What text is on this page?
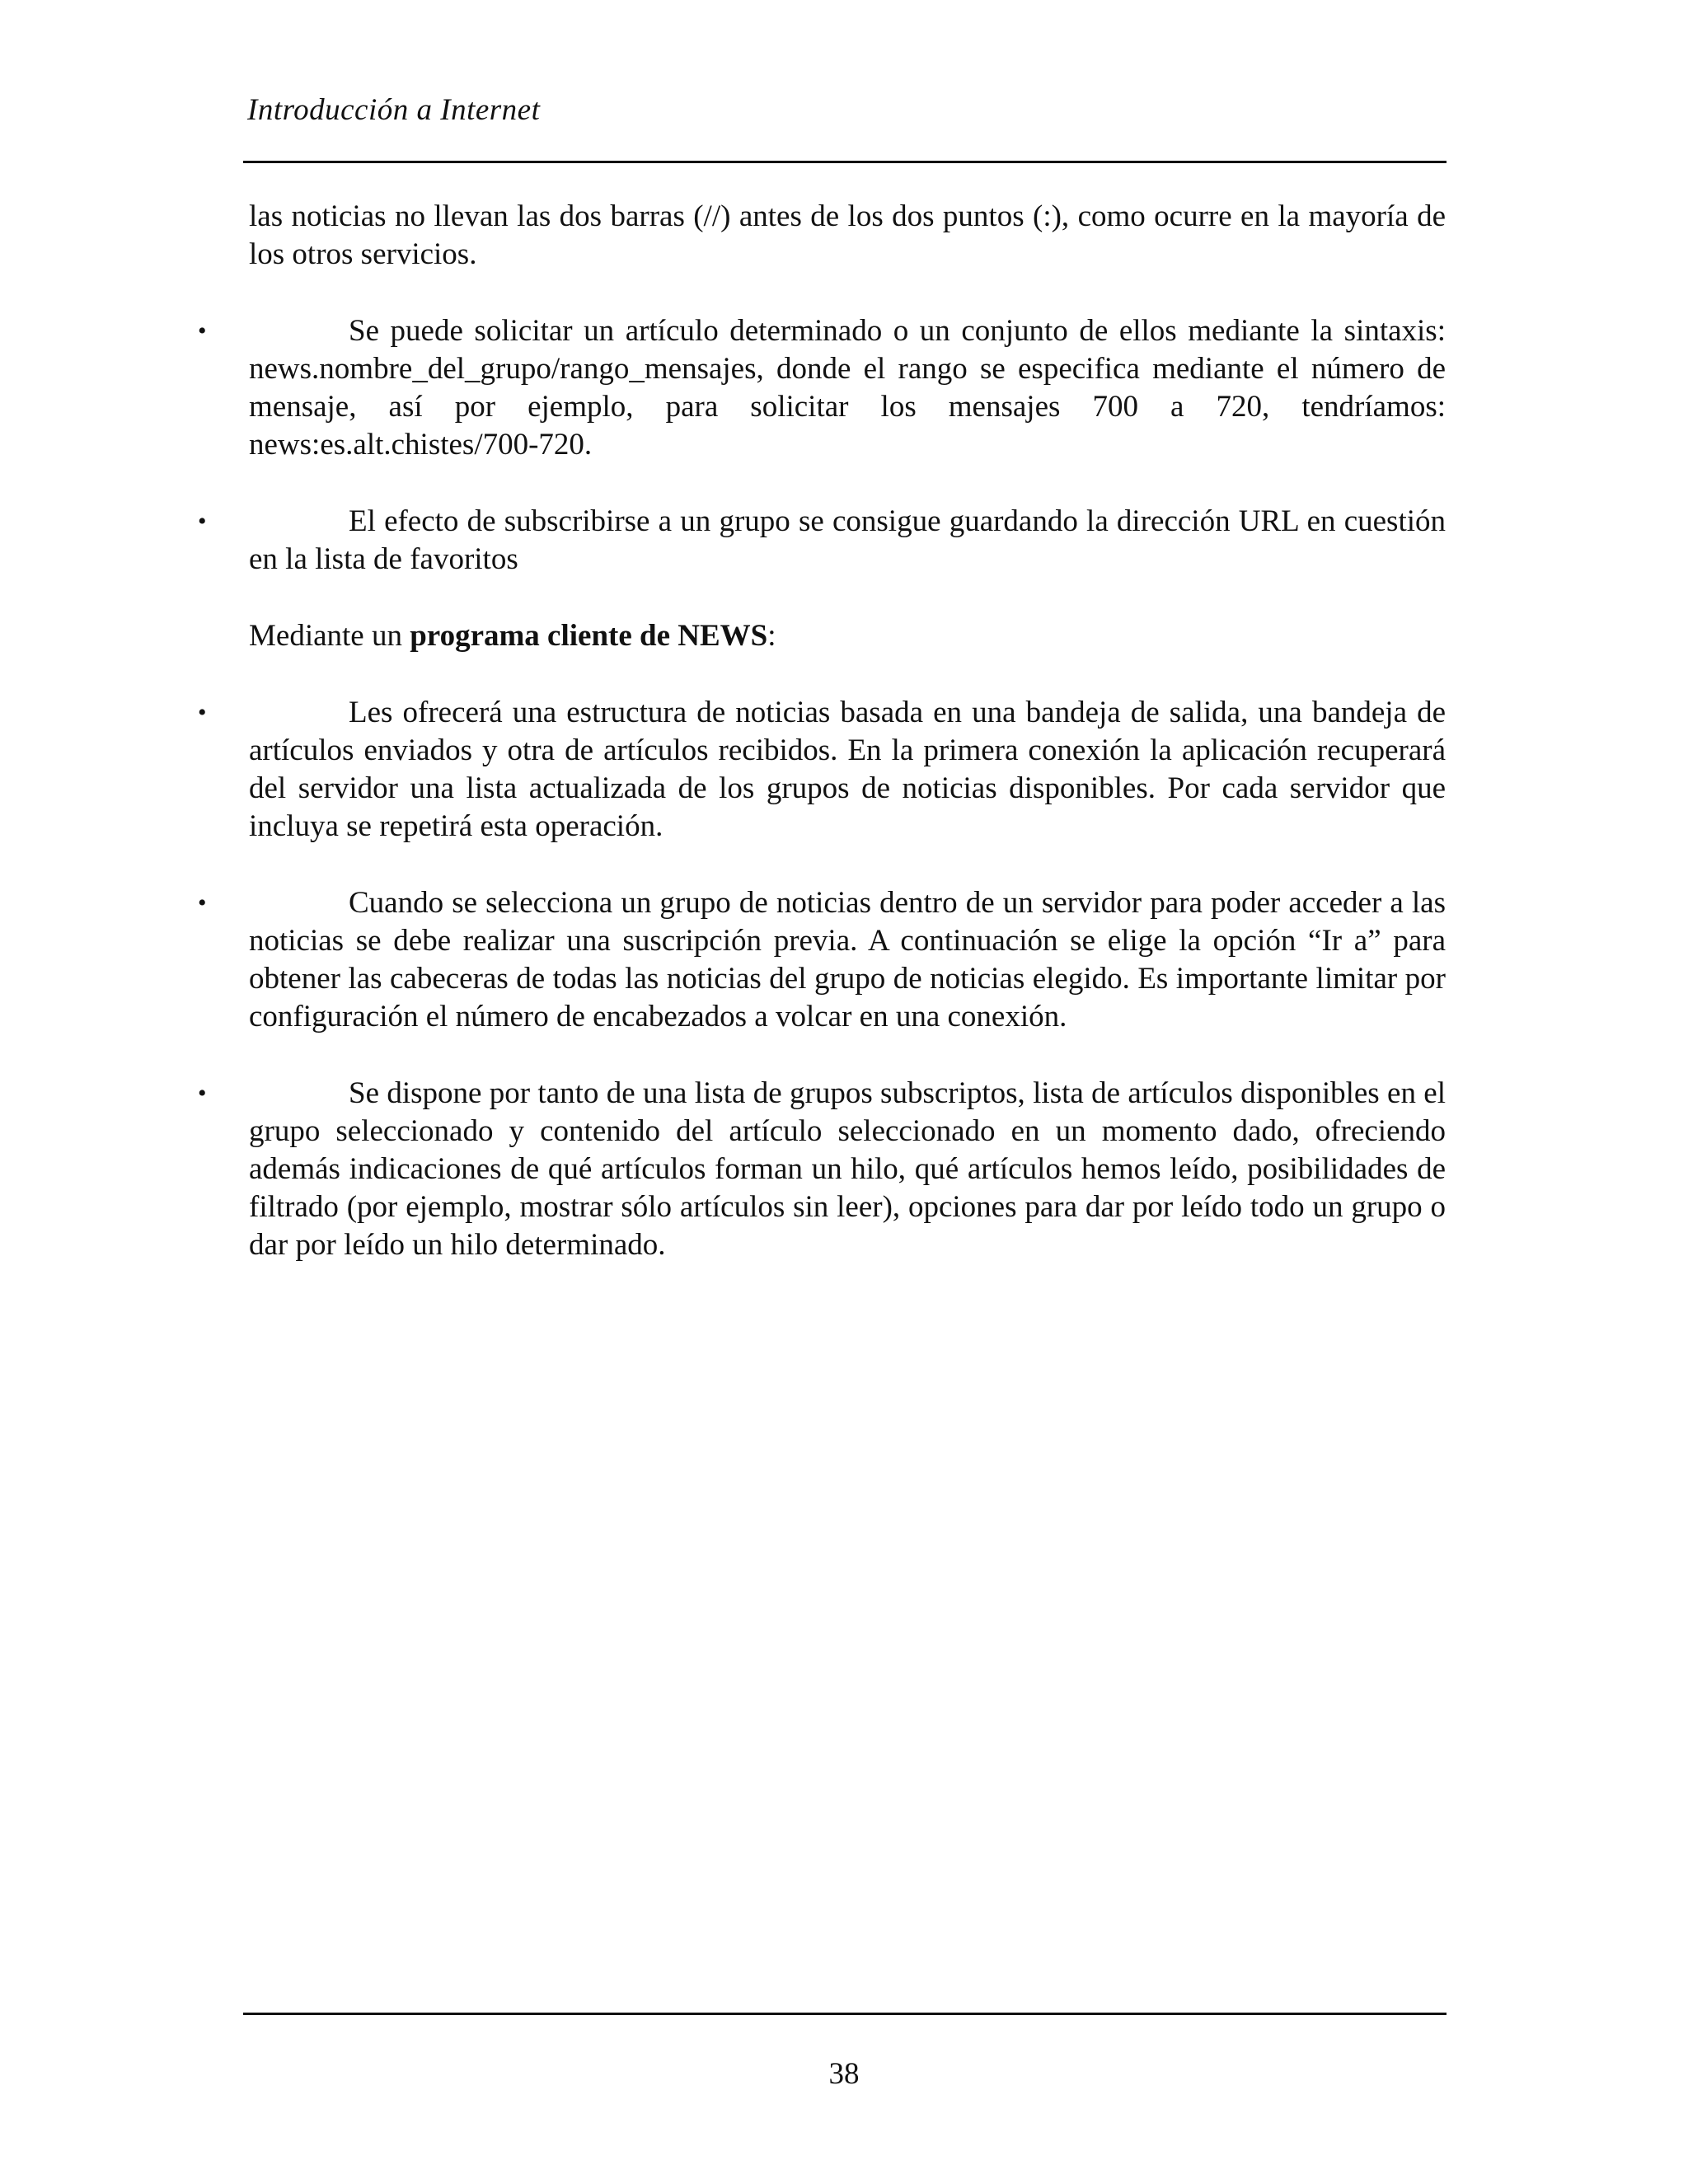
Introducción a Internet

las noticias no llevan las dos barras (//) antes de los dos puntos (:), como ocurre en la mayoría de los otros servicios.

•	Se puede solicitar un artículo determinado o un conjunto de ellos mediante la sintaxis: news.nombre_del_grupo/rango_mensajes, donde el rango se especifica mediante el número de mensaje, así por ejemplo, para solicitar los mensajes 700 a 720, tendríamos: news:es.alt.chistes/700-720.
•	El efecto de subscribirse a un grupo se consigue guardando la dirección URL en cuestión en la lista de favoritos

Mediante un programa cliente de NEWS:

•	Les ofrecerá una estructura de noticias basada en una bandeja de salida, una bandeja de artículos enviados y otra de artículos recibidos. En la primera conexión la aplicación recuperará del servidor una lista actualizada de los grupos de noticias disponibles. Por cada servidor que incluya se repetirá esta operación.
•	Cuando se selecciona un grupo de noticias dentro de un servidor para poder acceder a las noticias se debe realizar una suscripción previa. A continuación se elige la opción “Ir a” para obtener las cabeceras de todas las noticias del grupo de noticias elegido. Es importante limitar por configuración el número de encabezados a volcar en una conexión.
•	Se dispone por tanto de una lista de grupos subscriptos, lista de artículos disponibles en el grupo seleccionado y contenido del artículo seleccionado en un momento dado, ofreciendo además indicaciones de qué artículos forman un hilo, qué artículos hemos leído, posibilidades de filtrado (por ejemplo, mostrar sólo artículos sin leer), opciones para dar por leído todo un grupo o dar por leído un hilo determinado.
38
